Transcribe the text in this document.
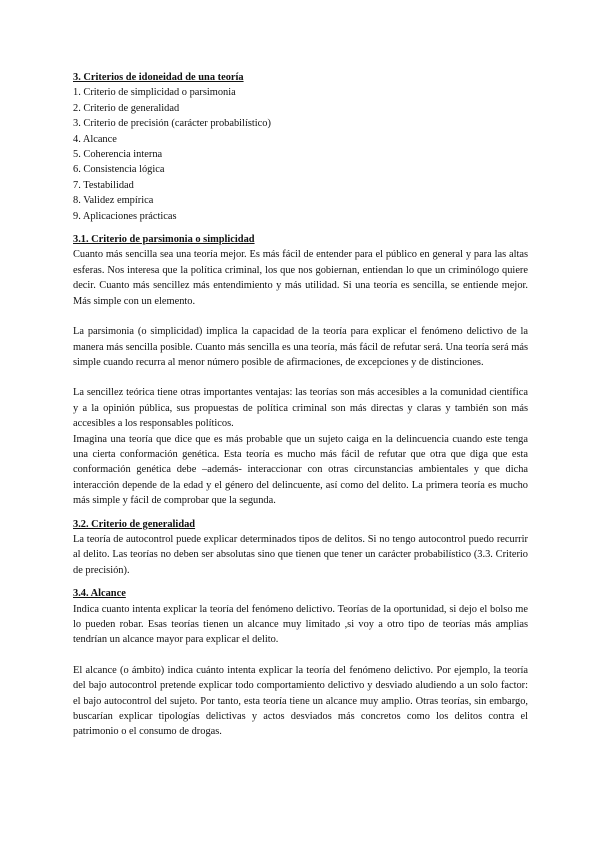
3. Criterios de idoneidad de una teoría
1. Criterio de simplicidad o parsimonia
2. Criterio de generalidad
3. Criterio de precisión (carácter probabilístico)
4. Alcance
5. Coherencia interna
6. Consistencia lógica
7. Testabilidad
8. Validez empírica
9. Aplicaciones prácticas
3.1. Criterio de parsimonia o simplicidad

Cuanto más sencilla sea una teoría mejor. Es más fácil de entender para el público en general y para las altas esferas. Nos interesa que la política criminal, los que nos gobiernan, entiendan lo que un criminólogo quiere decir. Cuanto más sencillez más entendimiento y más utilidad. Si una teoría es sencilla, se entiende mejor. Más simple con un elemento.

La parsimonia (o simplicidad) implica la capacidad de la teoría para explicar el fenómeno delictivo de la manera más sencilla posible. Cuanto más sencilla es una teoría, más fácil de refutar será. Una teoría será más simple cuando recurra al menor número posible de afirmaciones, de excepciones y de distinciones.

La sencillez teórica tiene otras importantes ventajas: las teorías son más accesibles a la comunidad científica y a la opinión pública, sus propuestas de política criminal son más directas y claras y también son más accesibles a los responsables políticos.

Imagina una teoría que dice que es más probable que un sujeto caiga en la delincuencia cuando este tenga una cierta conformación genética. Esta teoría es mucho más fácil de refutar que otra que diga que esta conformación genética debe –además- interaccionar con otras circunstancias ambientales y que dicha interacción depende de la edad y el género del delincuente, así como del delito. La primera teoría es mucho más simple y fácil de comprobar que la segunda.

3.2. Criterio de generalidad

La teoría de autocontrol puede explicar determinados tipos de delitos. Si no tengo autocontrol puedo recurrir al delito. Las teorías no deben ser absolutas sino que tienen que tener un carácter probabilístico (3.3. Criterio de precisión).

3.4. Alcance

Indica cuanto intenta explicar la teoría del fenómeno delictivo. Teorías de la oportunidad, si dejo el bolso me lo pueden robar. Esas teorías tienen un alcance muy limitado ,si voy a otro tipo de teorías más amplias tendrían un alcance mayor para explicar el delito.

El alcance (o ámbito) indica cuánto intenta explicar la teoría del fenómeno delictivo. Por ejemplo, la teoría del bajo autocontrol pretende explicar todo comportamiento delictivo y desviado aludiendo a un solo factor: el bajo autocontrol del sujeto. Por tanto, esta teoría tiene un alcance muy amplio. Otras teorías, sin embargo, buscarían explicar tipologías delictivas y actos desviados más concretos como los delitos contra el patrimonio o el consumo de drogas.
